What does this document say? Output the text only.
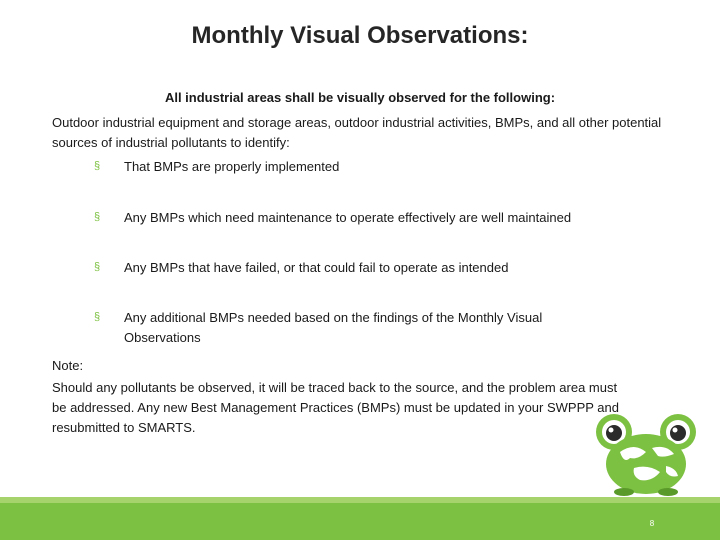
Monthly Visual Observations:
All industrial areas shall be visually observed for the following:
Outdoor industrial equipment and storage areas, outdoor industrial activities, BMPs, and all other potential sources of industrial pollutants to identify:
§	That BMPs are properly implemented
§	Any BMPs which need maintenance to operate effectively are well maintained
§	Any BMPs that have failed, or that could fail to operate as intended
§	Any additional BMPs needed based on the findings of the Monthly Visual Observations
Note:
Should any pollutants be observed, it will be traced back to the source, and the problem area must be addressed. Any new Best Management Practices (BMPs) must be updated in your SWPPP and resubmitted to SMARTS.
8
